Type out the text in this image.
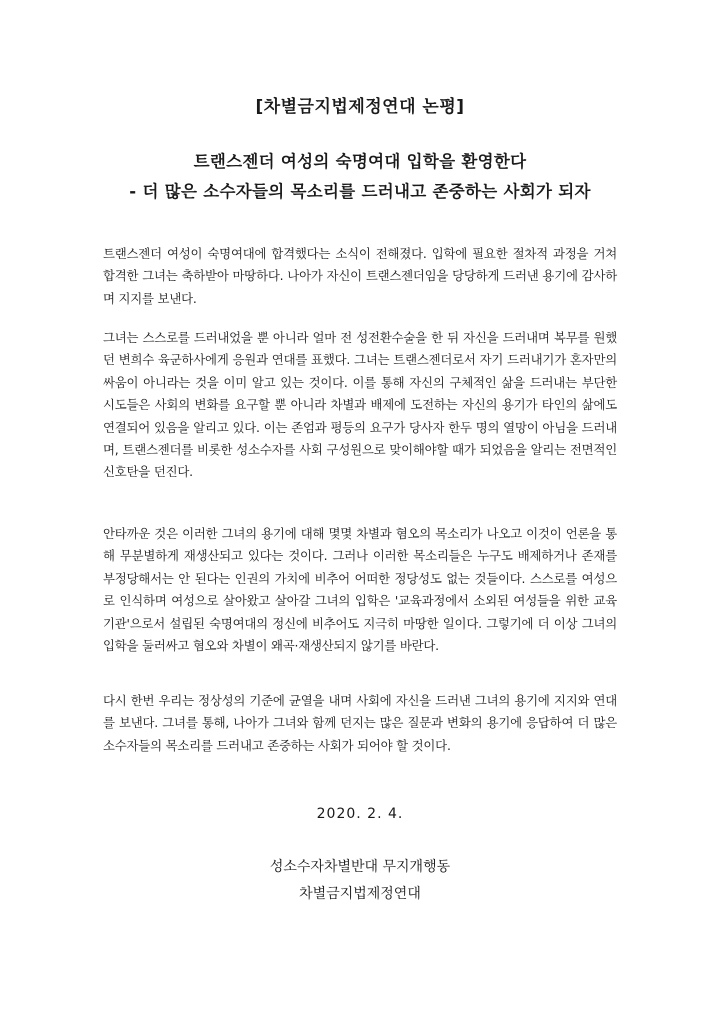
[차별금지법제정연대 논평]
트랜스젠더 여성의 숙명여대 입학을 환영한다
- 더 많은 소수자들의 목소리를 드러내고 존중하는 사회가 되자

트랜스젠더 여성이 숙명여대에 합격했다는 소식이 전해졌다. 입학에 필요한 절차적 과정을 거쳐 합격한 그녀는 축하받아 마땅하다. 나아가 자신이 트랜스젠더임을 당당하게 드러낸 용기에 감사하며 지지를 보낸다.

그녀는 스스로를 드러내었을 뿐 아니라 얼마 전 성전환수술을 한 뒤 자신을 드러내며 복무를 원했던 변희수 육군하사에게 응원과 연대를 표했다. 그녀는 트랜스젠더로서 자기 드러내기가 혼자만의 싸움이 아니라는 것을 이미 알고 있는 것이다. 이를 통해 자신의 구체적인 삶을 드러내는 부단한 시도들은 사회의 변화를 요구할 뿐 아니라 차별과 배제에 도전하는 자신의 용기가 타인의 삶에도 연결되어 있음을 알리고 있다. 이는 존엄과 평등의 요구가 당사자 한두 명의 열망이 아님을 드러내며, 트랜스젠더를 비롯한 성소수자를 사회 구성원으로 맞이해야할 때가 되었음을 알리는 전면적인 신호탄을 던진다.

안타까운 것은 이러한 그녀의 용기에 대해 몇몇 차별과 혐오의 목소리가 나오고 이것이 언론을 통해 무분별하게 재생산되고 있다는 것이다. 그러나 이러한 목소리들은 누구도 배제하거나 존재를 부정당해서는 안 된다는 인권의 가치에 비추어 어떠한 정당성도 없는 것들이다. 스스로를 여성으로 인식하며 여성으로 살아왔고 살아갈 그녀의 입학은 '교육과정에서 소외된 여성들을 위한 교육기관'으로서 설립된 숙명여대의 정신에 비추어도 지극히 마땅한 일이다. 그렇기에 더 이상 그녀의 입학을 둘러싸고 혐오와 차별이 왜곡·재생산되지 않기를 바란다.

다시 한번 우리는 정상성의 기준에 균열을 내며 사회에 자신을 드러낸 그녀의 용기에 지지와 연대를 보낸다. 그녀를 통해, 나아가 그녀와 함께 던지는 많은 질문과 변화의 용기에 응답하여 더 많은 소수자들의 목소리를 드러내고 존중하는 사회가 되어야 할 것이다.

2020. 2. 4.
성소수자차별반대 무지개행동
차별금지법제정연대
